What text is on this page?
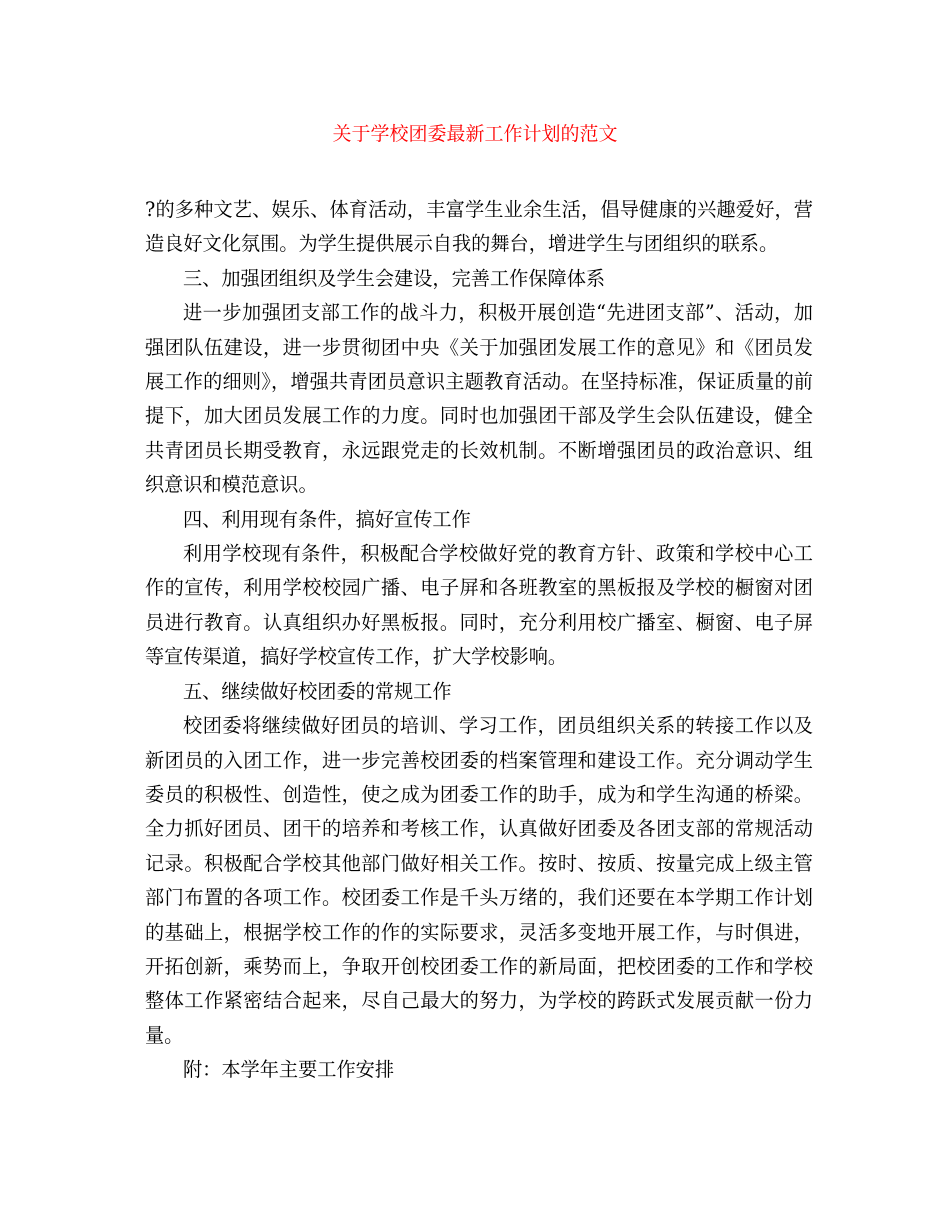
关于学校团委最新工作计划的范文

?的多种文艺、娱乐、体育活动，丰富学生业余生活，倡导健康的兴趣爱好，营造良好文化氛围。为学生提供展示自我的舞台，增进学生与团组织的联系。

三、加强团组织及学生会建设，完善工作保障体系

进一步加强团支部工作的战斗力，积极开展创造“先进团支部”、活动，加强团队伍建设，进一步贯彻团中央《关于加强团发展工作的意见》和《团员发展工作的细则》，增强共青团员意识主题教育活动。在坚持标准，保证质量的前提下，加大团员发展工作的力度。同时也加强团干部及学生会队伍建设，健全共青团员长期受教育，永远跟党走的长效机制。不断增强团员的政治意识、组织意识和模范意识。

四、利用现有条件，搞好宣传工作

利用学校现有条件，积极配合学校做好党的教育方针、政策和学校中心工作的宣传，利用学校校园广播、电子屏和各班教室的黑板报及学校的橱窗对团员进行教育。认真组织办好黑板报。同时，充分利用校广播室、橱窗、电子屏等宣传渠道，搞好学校宣传工作，扩大学校影响。

五、继续做好校团委的常规工作

校团委将继续做好团员的培训、学习工作，团员组织关系的转接工作以及新团员的入团工作，进一步完善校团委的档案管理和建设工作。充分调动学生委员的积极性、创造性，使之成为团委工作的助手，成为和学生沟通的桥梁。全力抓好团员、团干的培养和考核工作，认真做好团委及各团支部的常规活动记录。积极配合学校其他部门做好相关工作。按时、按质、按量完成上级主管部门布置的各项工作。校团委工作是千头万绪的，我们还要在本学期工作计划的基础上，根据学校工作的作的实际要求，灵活多变地开展工作，与时俱进，开拓创新，乘势而上，争取开创校团委工作的新局面，把校团委的工作和学校整体工作紧密结合起来，尽自己最大的努力，为学校的跨跃式发展贡献一份力量。

附：本学年主要工作安排
